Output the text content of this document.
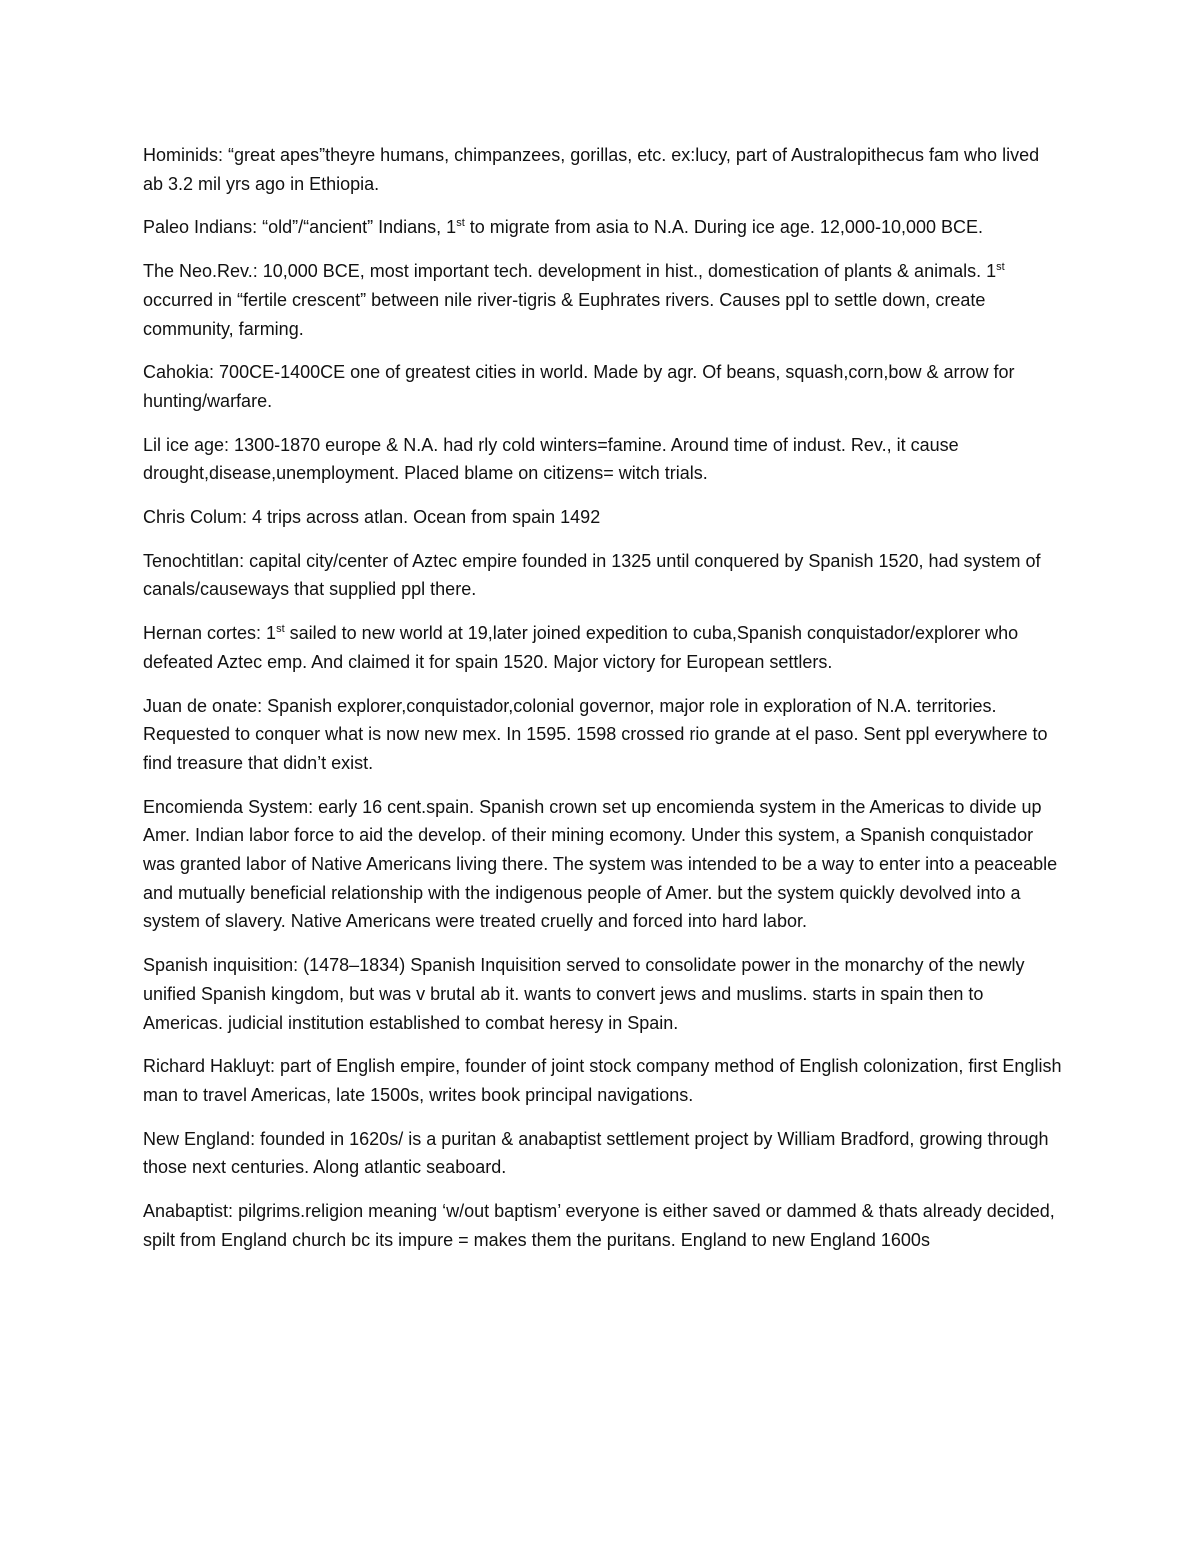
Hominids: “great apes”theyre humans, chimpanzees, gorillas, etc. ex:lucy, part of Australopithecus fam who lived ab 3.2 mil yrs ago in Ethiopia.

Paleo Indians: “old”/“ancient” Indians, 1st to migrate from asia to N.A. During ice age. 12,000-10,000 BCE.

The Neo.Rev.: 10,000 BCE, most important tech. development in hist., domestication of plants & animals. 1st occurred in “fertile crescent” between nile river-tigris & Euphrates rivers. Causes ppl to settle down, create community, farming.

Cahokia: 700CE-1400CE one of greatest cities in world. Made by agr. Of beans, squash,corn,bow & arrow for hunting/warfare.

Lil ice age: 1300-1870 europe & N.A. had rly cold winters=famine. Around time of indust. Rev., it cause drought,disease,unemployment. Placed blame on citizens= witch trials.

Chris Colum: 4 trips across atlan. Ocean from spain 1492

Tenochtitlan: capital city/center of Aztec empire founded in 1325 until conquered by Spanish 1520, had system of canals/causeways that supplied ppl there.

Hernan cortes: 1st sailed to new world at 19,later joined expedition to cuba,Spanish conquistador/explorer who defeated Aztec emp. And claimed it for spain 1520. Major victory for European settlers.

Juan de onate: Spanish explorer,conquistador,colonial governor, major role in exploration of N.A. territories. Requested to conquer what is now new mex. In 1595. 1598 crossed rio grande at el paso. Sent ppl everywhere to find treasure that didn’t exist.

Encomienda System: early 16 cent.spain. Spanish crown set up encomienda system in the Americas to divide up Amer. Indian labor force to aid the develop. of their mining ecomony. Under this system, a Spanish conquistador was granted labor of Native Americans living there. The system was intended to be a way to enter into a peaceable and mutually beneficial relationship with the indigenous people of Amer. but the system quickly devolved into a system of slavery. Native Americans were treated cruelly and forced into hard labor.

Spanish inquisition: (1478–1834) Spanish Inquisition served to consolidate power in the monarchy of the newly unified Spanish kingdom, but was v brutal ab it. wants to convert jews and muslims. starts in spain then to Americas. judicial institution established to combat heresy in Spain.

Richard Hakluyt: part of English empire, founder of joint stock company method of English colonization, first English man to travel Americas, late 1500s, writes book principal navigations.

New England: founded in 1620s/ is a puritan & anabaptist settlement project by William Bradford, growing through those next centuries. Along atlantic seaboard.

Anabaptist: pilgrims.religion meaning ‘w/out baptism’ everyone is either saved or dammed & thats already decided, spilt from England church bc its impure = makes them the puritans. England to new England 1600s
